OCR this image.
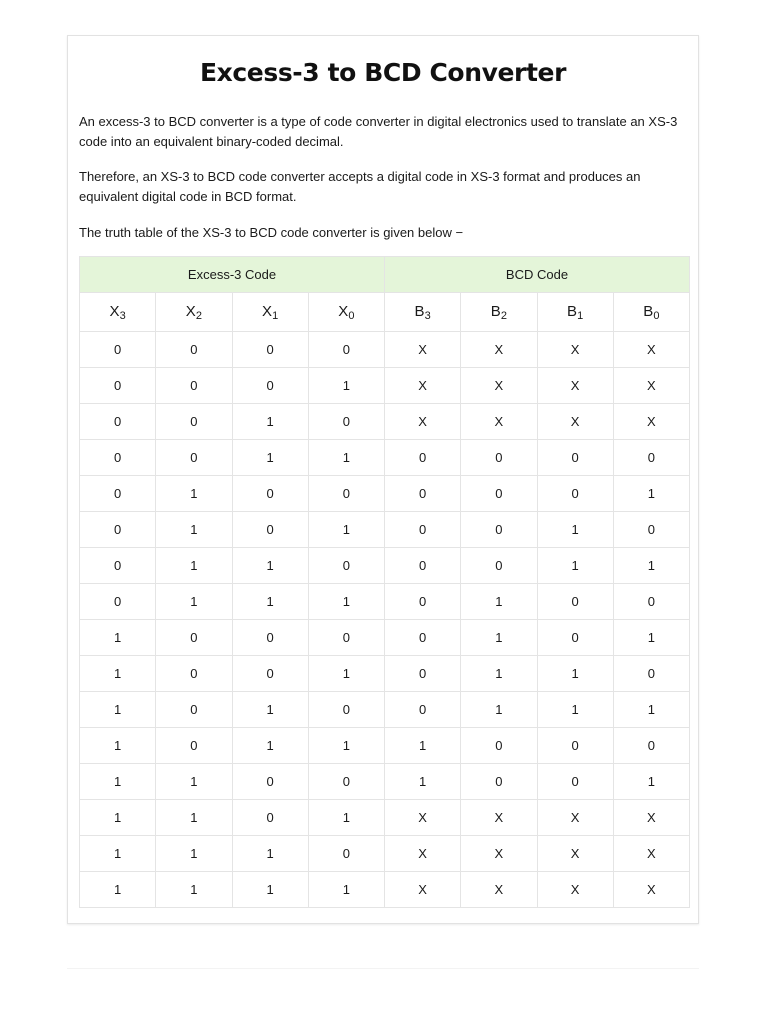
Excess-3 to BCD Converter

An excess-3 to BCD converter is a type of code converter in digital electronics used to translate an XS-3 code into an equivalent binary-coded decimal.

Therefore, an XS-3 to BCD code converter accepts a digital code in XS-3 format and produces an equivalent digital code in BCD format.

The truth table of the XS-3 to BCD code converter is given below −

Excess-3 Code				BCD Code			
$X_3$	$X_2$	$X_1$	$X_0$	$B_3$	$B_2$	$B_1$	$B_0$
0	0	0	0	X	X	X	X
0	0	0	1	X	X	X	X
0	0	1	0	X	X	X	X
0	0	1	1	0	0	0	0
0	1	0	0	0	0	0	1
0	1	0	1	0	0	1	0
0	1	1	0	0	0	1	1
0	1	1	1	0	1	0	0
1	0	0	0	0	1	0	1
1	0	0	1	0	1	1	0
1	0	1	0	0	1	1	1
1	0	1	1	1	0	0	0
1	1	0	0	1	0	0	1
1	1	0	1	X	X	X	X
1	1	1	0	X	X	X	X
1	1	1	1	X	X	X	X
